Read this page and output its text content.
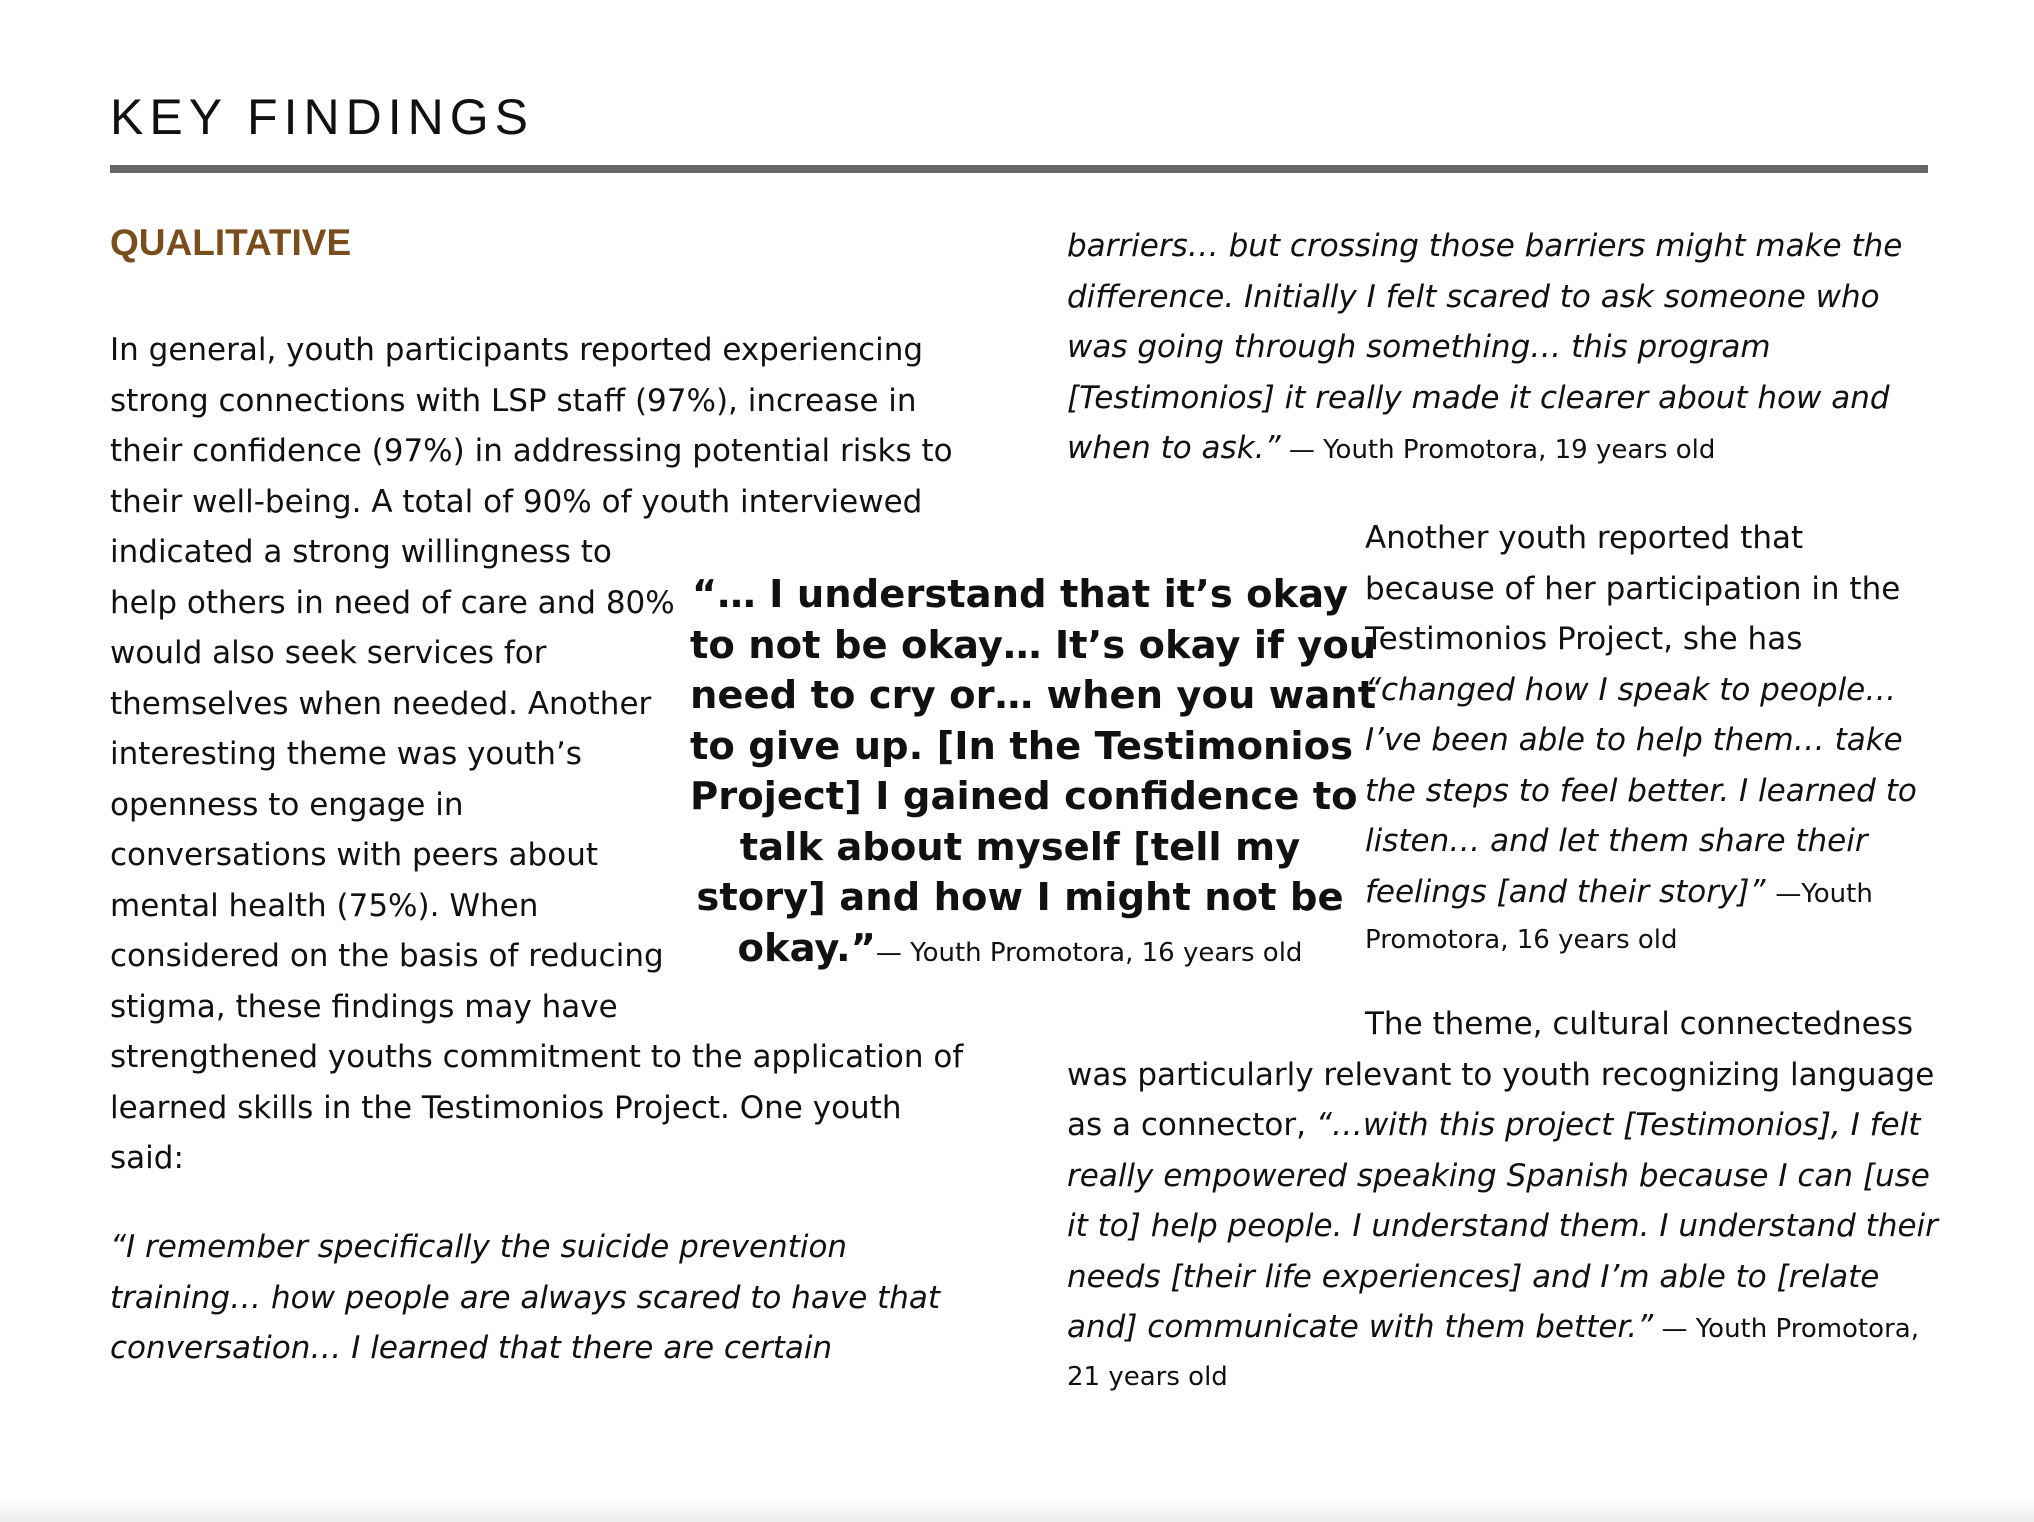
KEY FINDINGS
QUALITATIVE
In general, youth participants reported experiencing
strong connections with LSP staff (97%), increase in
their confidence (97%) in addressing potential risks to
their well-being. A total of 90% of youth interviewed
indicated a strong willingness to
help others in need of care and 80%
would also seek services for
themselves when needed. Another
interesting theme was youth’s
openness to engage in
conversations with peers about
mental health (75%). When
considered on the basis of reducing
stigma, these findings may have
strengthened youths commitment to the application of
learned skills in the Testimonios Project. One youth
said:
“I remember specifically the suicide prevention
training… how people are always scared to have that
conversation… I learned that there are certain
barriers… but crossing those barriers might make the
difference. Initially I felt scared to ask someone who
was going through something… this program
[Testimonios] it really made it clearer about how and
when to ask.” — Youth Promotora, 19 years old
Another youth reported that
because of her participation in the
Testimonios Project, she has
“changed how I speak to people…
I’ve been able to help them… take
the steps to feel better. I learned to
listen… and let them share their
feelings [and their story]” —Youth
Promotora, 16 years old
The theme, cultural connectedness
was particularly relevant to youth recognizing language
as a connector, “…with this project [Testimonios], I felt
really empowered speaking Spanish because I can [use
it to] help people. I understand them. I understand their
needs [their life experiences] and I’m able to [relate
and] communicate with them better.” — Youth Promotora,
21 years old
“… I understand that it’s okay
to not be okay… It’s okay if you
need to cry or… when you want
to give up. [In the Testimonios
Project] I gained confidence to
talk about myself [tell my
story] and how I might not be
okay.”— Youth Promotora, 16 years old
